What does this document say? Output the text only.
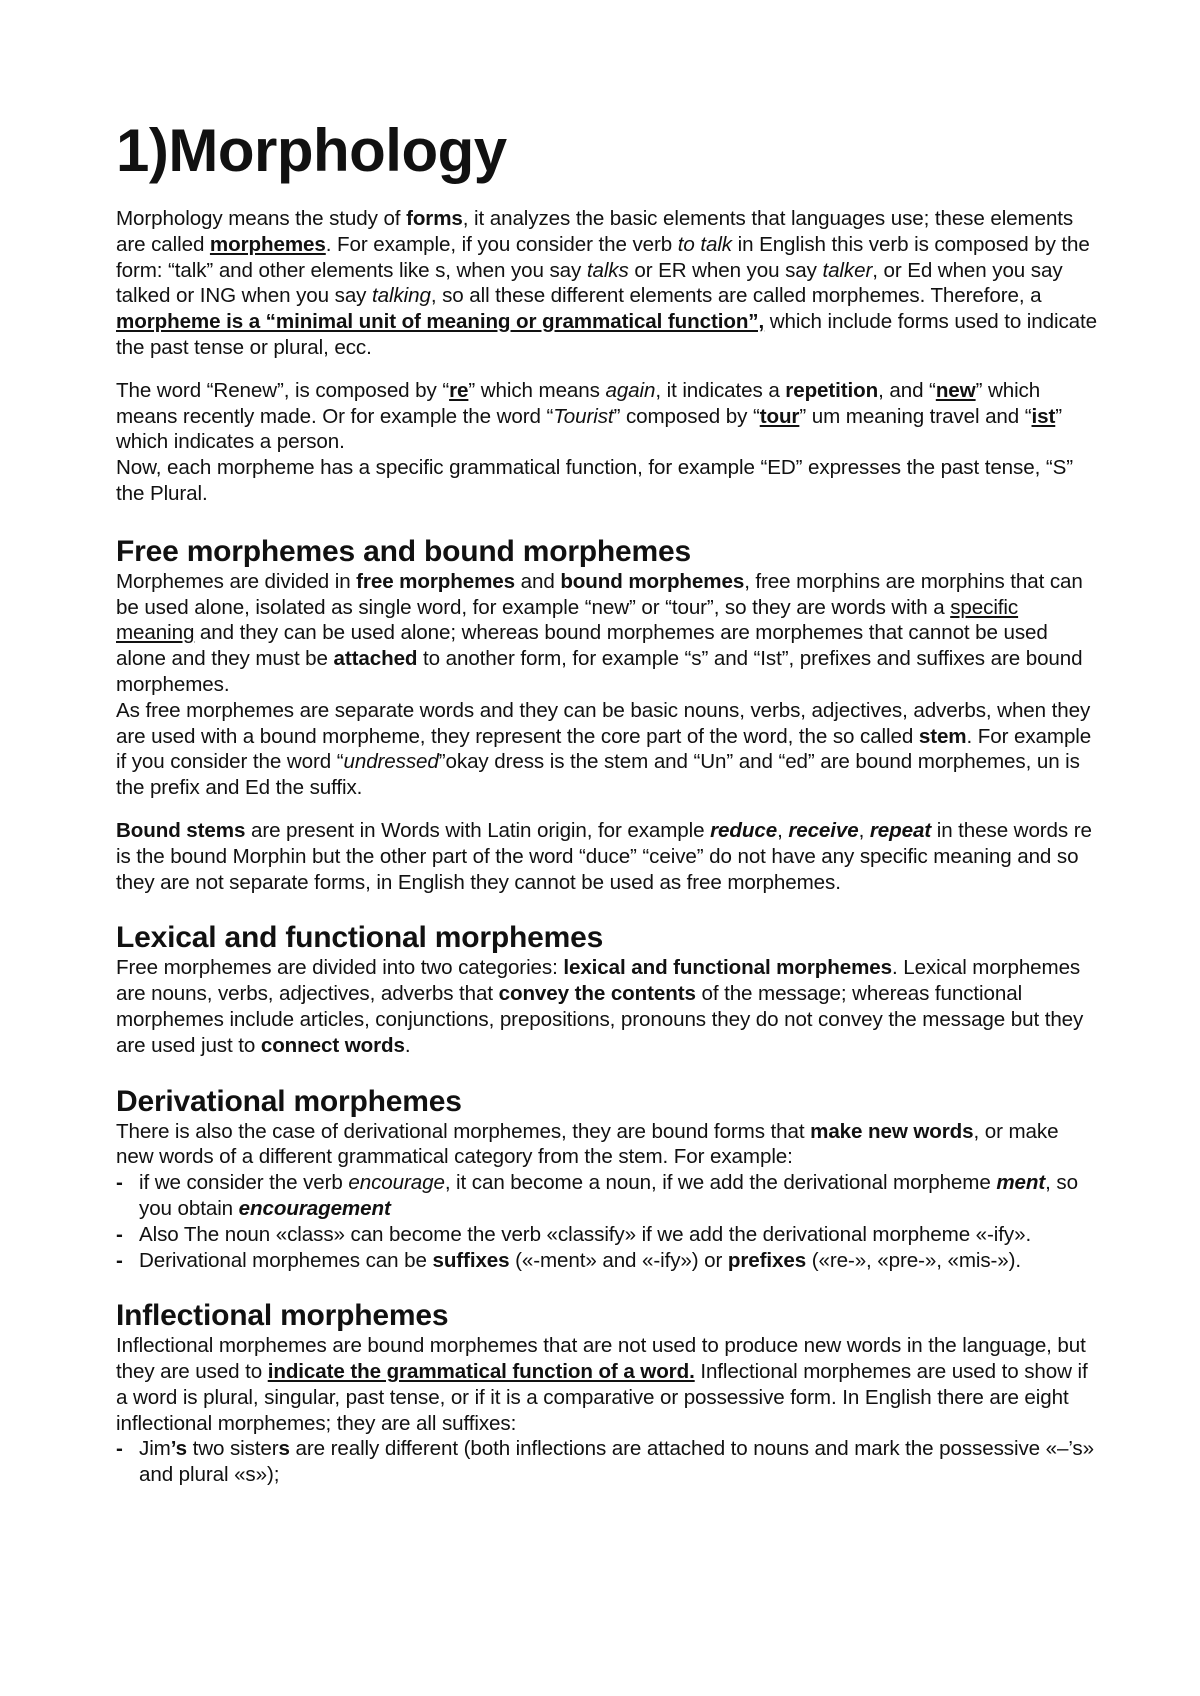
1)Morphology

Morphology means the study of forms, it analyzes the basic elements that languages use; these elements are called morphemes. For example, if you consider the verb to talk in English this verb is composed by the form: “talk” and other elements like s, when you say talks or ER when you say talker, or Ed when you say talked or ING when you say talking, so all these different elements are called morphemes. Therefore, a morpheme is a “minimal unit of meaning or grammatical function”, which include forms used to indicate the past tense or plural, ecc.

The word “Renew”, is composed by “re” which means again, it indicates a repetition, and “new” which means recently made. Or for example the word “Tourist” composed by “tour” um meaning travel and “ist” which indicates a person.

Now, each morpheme has a specific grammatical function, for example “ED” expresses the past tense, “S” the Plural.

Free morphemes and bound morphemes

Morphemes are divided in free morphemes and bound morphemes, free morphins are morphins that can be used alone, isolated as single word, for example “new” or “tour”, so they are words with a specific meaning and they can be used alone; whereas bound morphemes are morphemes that cannot be used alone and they must be attached to another form, for example “s” and “Ist”, prefixes and suffixes are bound morphemes.

As free morphemes are separate words and they can be basic nouns, verbs, adjectives, adverbs, when they are used with a bound morpheme, they represent the core part of the word, the so called stem. For example if you consider the word “undressed”okay dress is the stem and “Un” and “ed” are bound morphemes, un is the prefix and Ed the suffix.

Bound stems are present in Words with Latin origin, for example reduce, receive, repeat in these words re is the bound Morphin but the other part of the word “duce” “ceive” do not have any specific meaning and so they are not separate forms, in English they cannot be used as free morphemes.

Lexical and functional morphemes

Free morphemes are divided into two categories: lexical and functional morphemes. Lexical morphemes are nouns, verbs, adjectives, adverbs that convey the contents of the message; whereas functional morphemes include articles, conjunctions, prepositions, pronouns they do not convey the message but they are used just to connect words.

Derivational morphemes

There is also the case of derivational morphemes, they are bound forms that make new words, or make new words of a different grammatical category from the stem. For example:

- if we consider the verb encourage, it can become a noun, if we add the derivational morpheme ment, so you obtain encouragement
- Also The noun «class» can become the verb «classify» if we add the derivational morpheme «-ify».
- Derivational morphemes can be suffixes («-ment» and «-ify») or prefixes («re-», «pre-», «mis-»).
Inflectional morphemes

Inflectional morphemes are bound morphemes that are not used to produce new words in the language, but they are used to indicate the grammatical function of a word. Inflectional morphemes are used to show if a word is plural, singular, past tense, or if it is a comparative or possessive form. In English there are eight inflectional morphemes; they are all suffixes:

- Jim’s two sisters are really different (both inflections are attached to nouns and mark the possessive «–’s» and plural «s»);
